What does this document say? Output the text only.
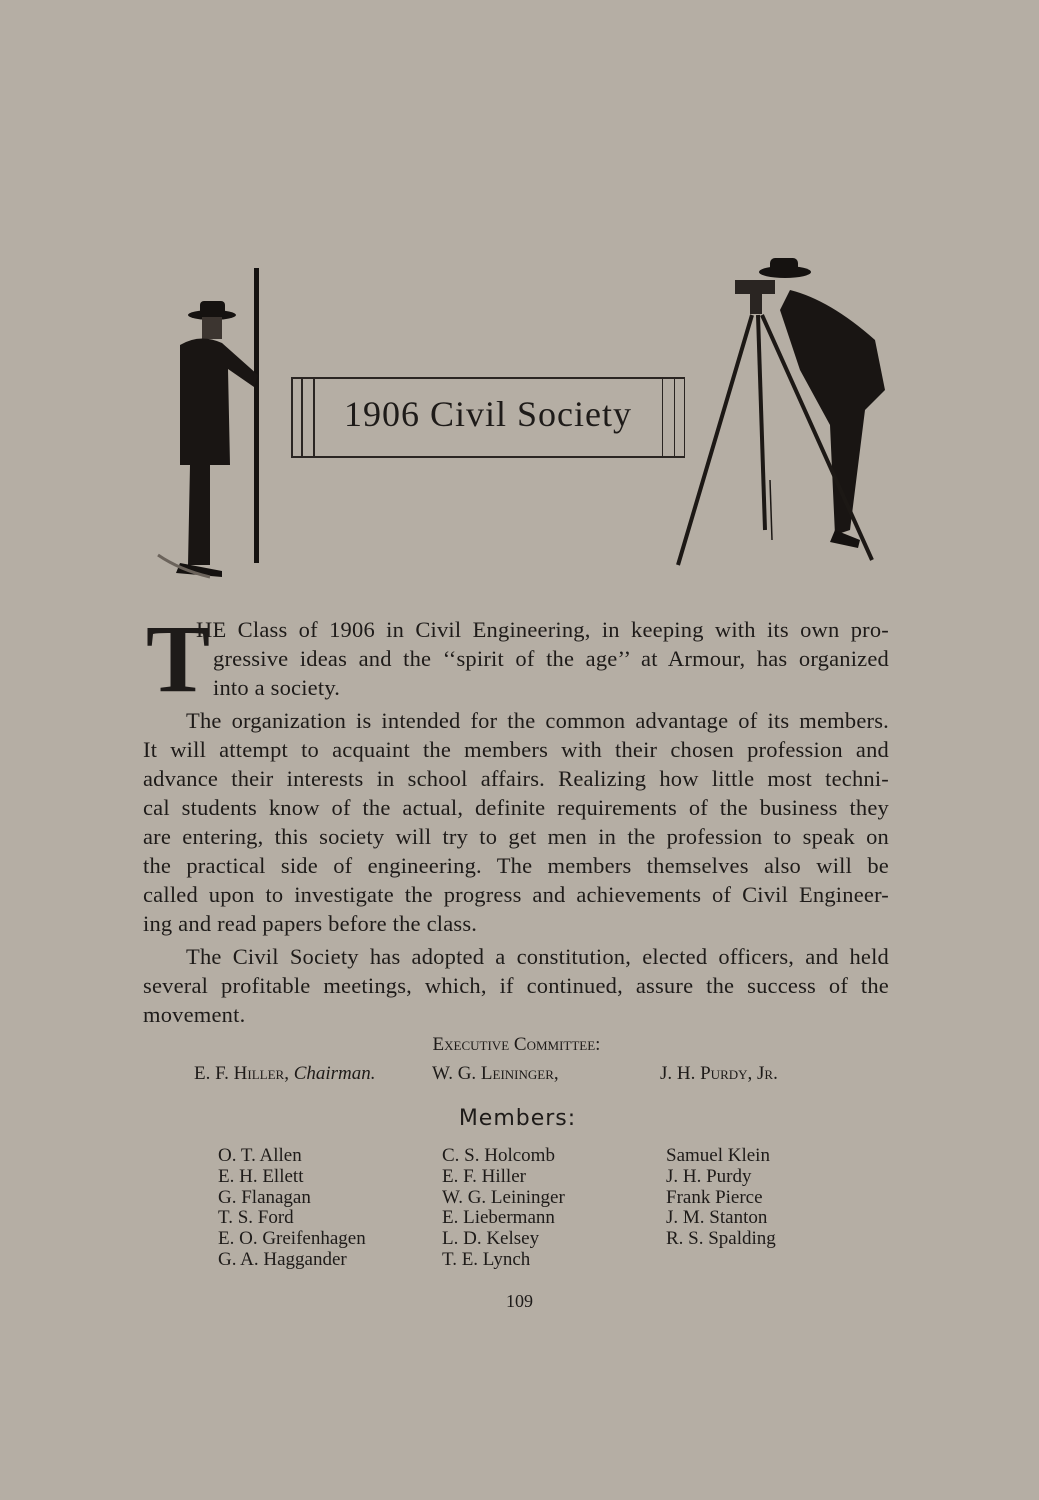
1906 Civil Society
T
HE Class of 1906 in Civil Engineering, in keeping with its own pro-
gressive ideas and the ‘‘spirit of the age’’ at Armour, has organized
into a society.
The organization is intended for the common advantage of its members.
It will attempt to acquaint the members with their chosen profession and
advance their interests in school affairs. Realizing how little most techni-
cal students know of the actual, definite requirements of the business they
are entering, this society will try to get men in the profession to speak on
the practical side of engineering. The members themselves also will be
called upon to investigate the progress and achievements of Civil Engineer-
ing and read papers before the class.
The Civil Society has adopted a constitution, elected officers, and held
several profitable meetings, which, if continued, assure the success of the
movement.
Executive Committee:
E. F. Hiller, Chairman.	W. G. Leininger,	J. H. Purdy, Jr.
Members:
O. T. Allen
E. H. Ellett
G. Flanagan
T. S. Ford
E. O. Greifenhagen
G. A. Haggander
C. S. Holcomb
E. F. Hiller
W. G. Leininger
E. Liebermann
L. D. Kelsey
T. E. Lynch
Samuel Klein
J. H. Purdy
Frank Pierce
J. M. Stanton
R. S. Spalding
109
